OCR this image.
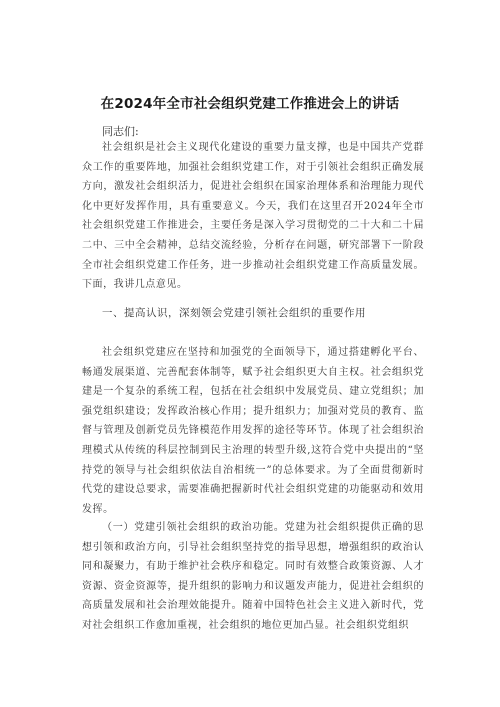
在2024年全市社会组织党建工作推进会上的讲话
同志们:

社会组织是社会主义现代化建设的重要力量支撑，也是中国共产党群众工作的重要阵地，加强社会组织党建工作，对于引领社会组织正确发展方向，激发社会组织活力，促进社会组织在国家治理体系和治理能力现代化中更好发挥作用，具有重要意义。今天，我们在这里召开2024年全市社会组织党建工作推进会，主要任务是深入学习贯彻党的二十大和二十届二中、三中全会精神，总结交流经验，分析存在问题，研究部署下一阶段全市社会组织党建工作任务，进一步推动社会组织党建工作高质量发展。下面，我讲几点意见。

一、提高认识，深刻领会党建引领社会组织的重要作用

社会组织党建应在坚持和加强党的全面领导下，通过搭建孵化平台、畅通发展渠道、完善配套体制等，赋予社会组织更大自主权。社会组织党建是一个复杂的系统工程，包括在社会组织中发展党员、建立党组织；加强党组织建设；发挥政治核心作用；提升组织力；加强对党员的教育、监督与管理及创新党员先锋模范作用发挥的途径等环节。体现了社会组织治理模式从传统的科层控制到民主治理的转型升级,这符合党中央提出的“坚持党的领导与社会组织依法自治相统一”的总体要求。为了全面贯彻新时代党的建设总要求，需要准确把握新时代社会组织党建的功能驱动和效用发挥。

（一）党建引领社会组织的政治功能。党建为社会组织提供正确的思想引领和政治方向，引导社会组织坚持党的指导思想，增强组织的政治认同和凝聚力，有助于维护社会秩序和稳定。同时有效整合政策资源、人才资源、资金资源等，提升组织的影响力和议题发声能力，促进社会组织的高质量发展和社会治理效能提升。随着中国特色社会主义进入新时代，党对社会组织工作愈加重视，社会组织的地位更加凸显。社会组织党组织
